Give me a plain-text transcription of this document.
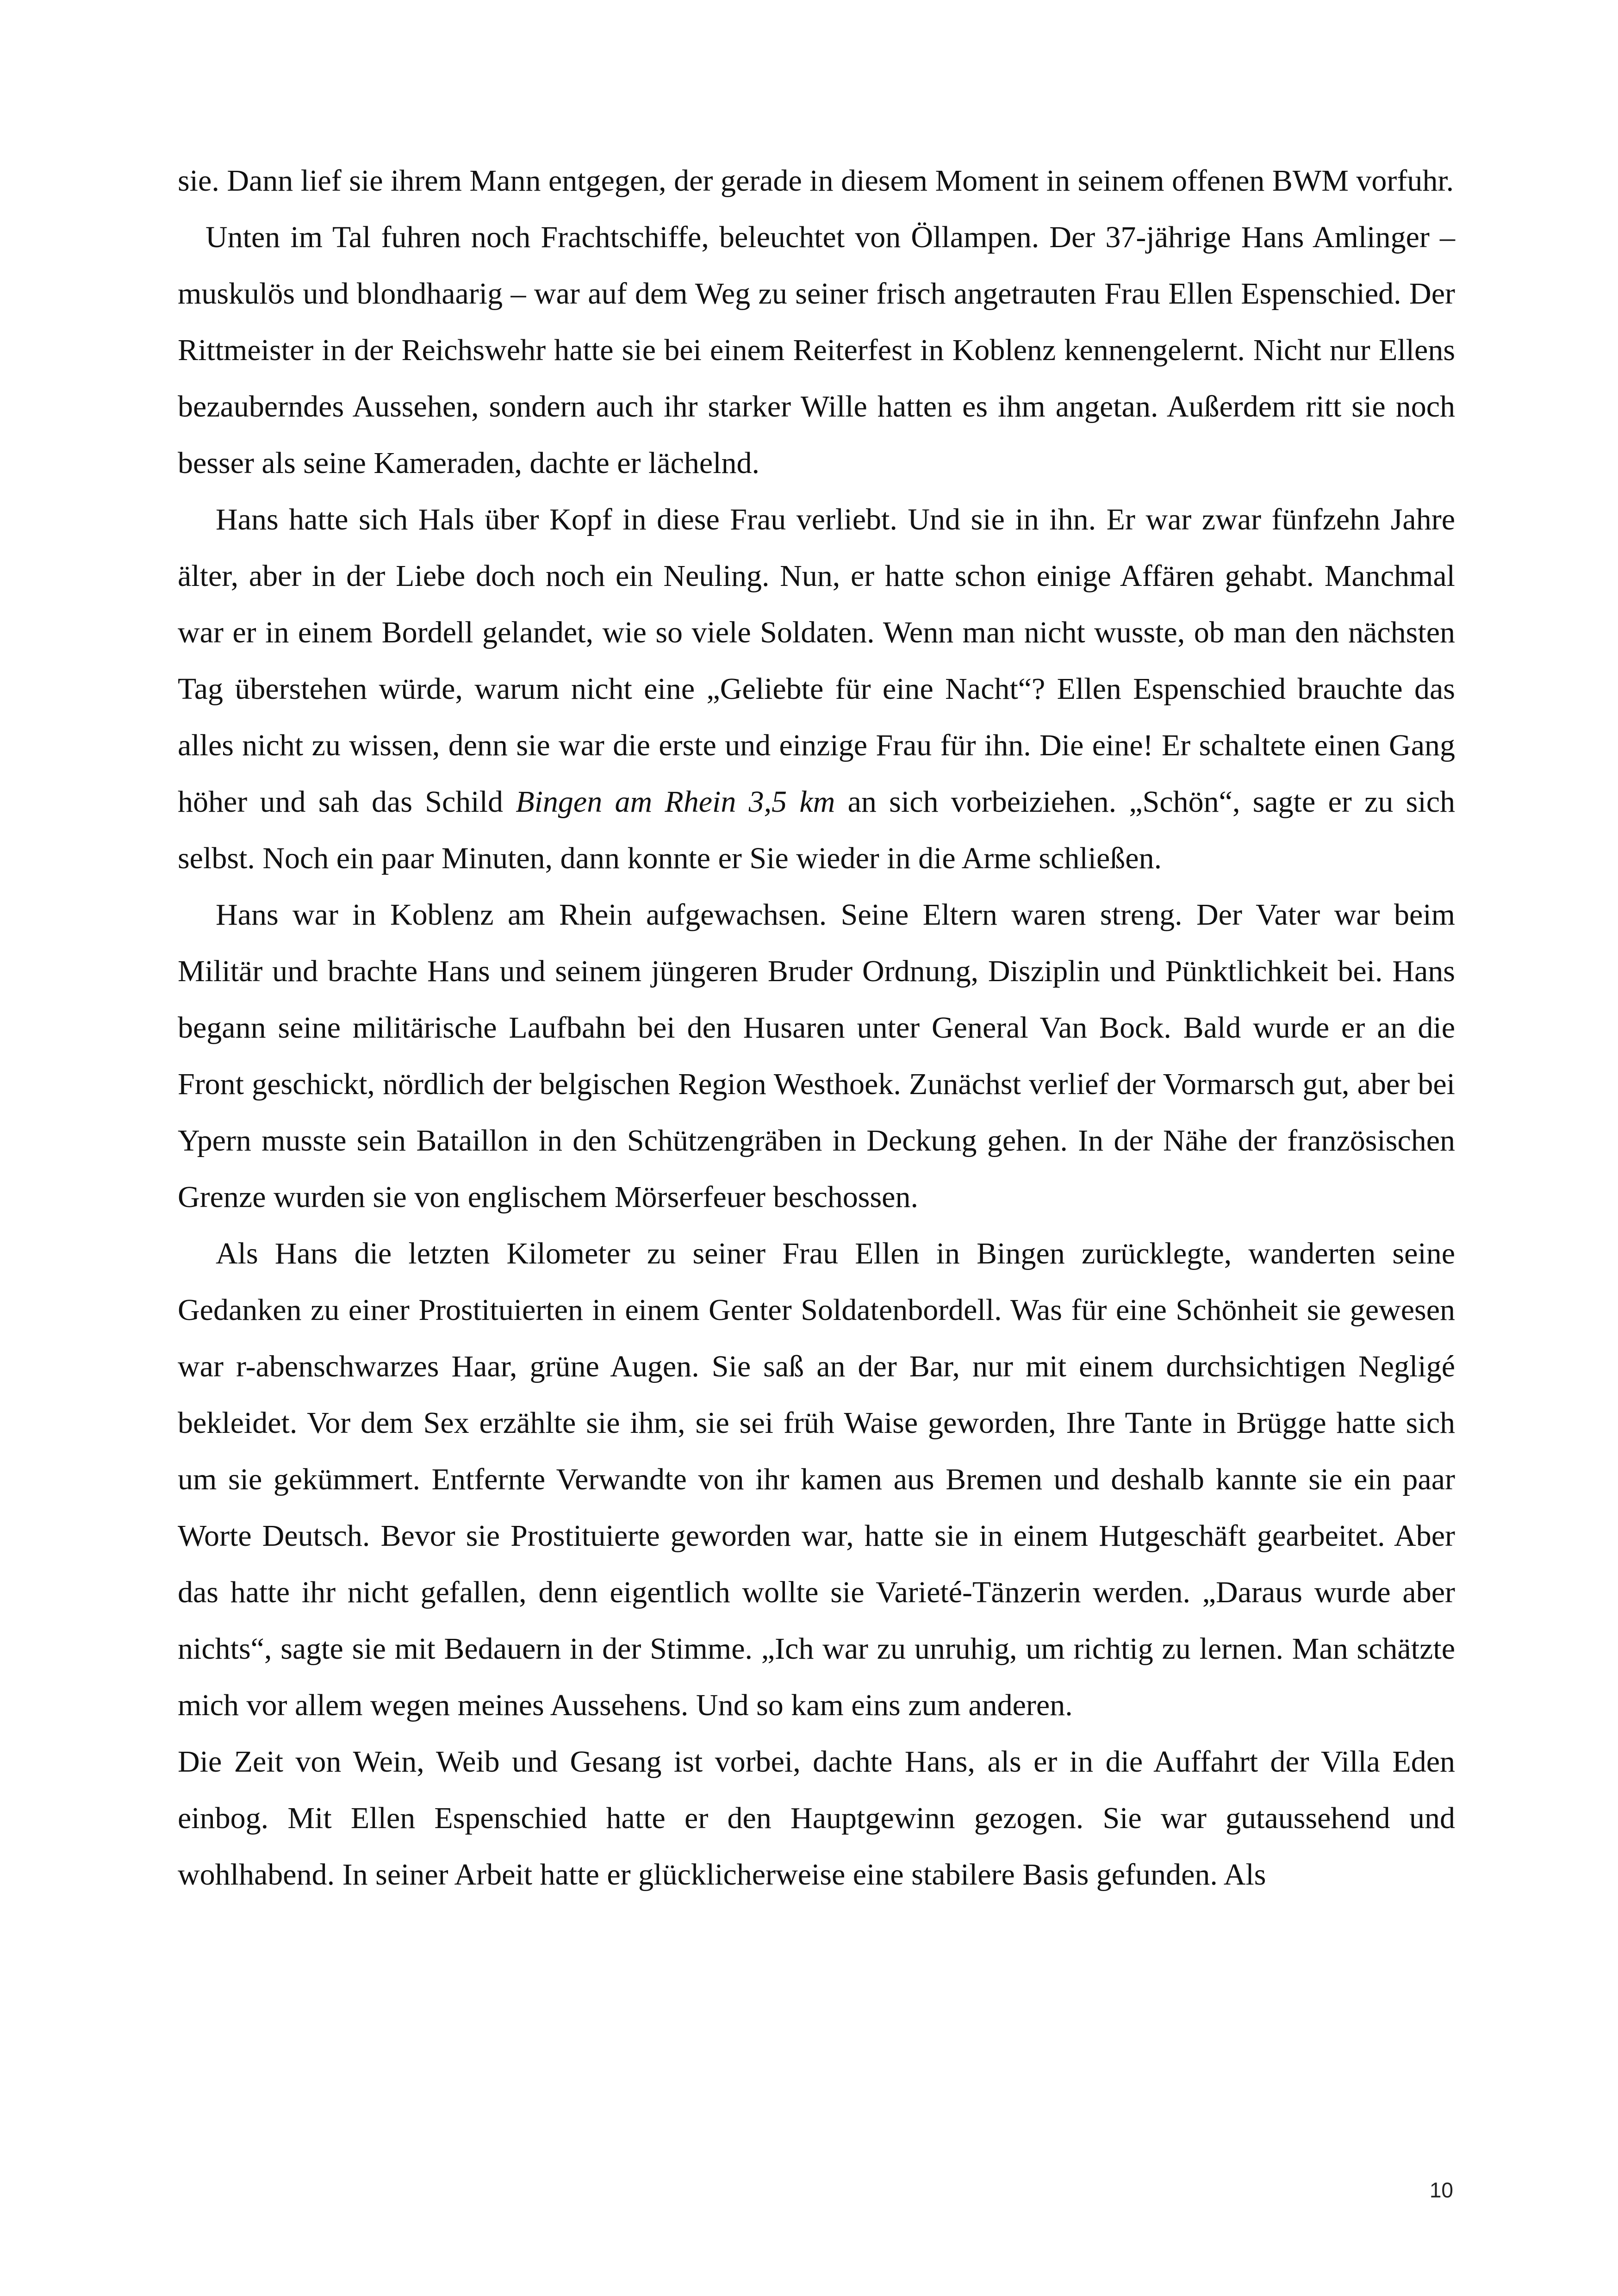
sie. Dann lief sie ihrem Mann entgegen, der gerade in diesem Moment in seinem offenen BWM vorfuhr.

Unten im Tal fuhren noch Frachtschiffe, beleuchtet von Öllampen. Der 37-jährige Hans Amlinger – muskulös und blondhaarig – war auf dem Weg zu seiner frisch angetrauten Frau Ellen Espenschied. Der Rittmeister in der Reichswehr hatte sie bei einem Reiterfest in Koblenz kennengelernt. Nicht nur Ellens bezauberndes Aussehen, sondern auch ihr starker Wille hatten es ihm angetan. Außerdem ritt sie noch besser als seine Kameraden, dachte er lächelnd.

Hans hatte sich Hals über Kopf in diese Frau verliebt. Und sie in ihn. Er war zwar fünfzehn Jahre älter, aber in der Liebe doch noch ein Neuling. Nun, er hatte schon einige Affären gehabt. Manchmal war er in einem Bordell gelandet, wie so viele Soldaten. Wenn man nicht wusste, ob man den nächsten Tag überstehen würde, warum nicht eine „Geliebte für eine Nacht“? Ellen Espenschied brauchte das alles nicht zu wissen, denn sie war die erste und einzige Frau für ihn. Die eine! Er schaltete einen Gang höher und sah das Schild Bingen am Rhein 3,5 km an sich vorbeiziehen. „Schön“, sagte er zu sich selbst. Noch ein paar Minuten, dann konnte er Sie wieder in die Arme schließen.

Hans war in Koblenz am Rhein aufgewachsen. Seine Eltern waren streng. Der Vater war beim Militär und brachte Hans und seinem jüngeren Bruder Ordnung, Disziplin und Pünktlichkeit bei. Hans begann seine militärische Laufbahn bei den Husaren unter General Van Bock. Bald wurde er an die Front geschickt, nördlich der belgischen Region Westhoek. Zunächst verlief der Vormarsch gut, aber bei Ypern musste sein Bataillon in den Schützengräben in Deckung gehen. In der Nähe der französischen Grenze wurden sie von englischem Mörserfeuer beschossen.

Als Hans die letzten Kilometer zu seiner Frau Ellen in Bingen zurücklegte, wanderten seine Gedanken zu einer Prostituierten in einem Genter Soldatenbordell. Was für eine Schönheit sie gewesen war r-abenschwarzes Haar, grüne Augen. Sie saß an der Bar, nur mit einem durchsichtigen Negligé bekleidet. Vor dem Sex erzählte sie ihm, sie sei früh Waise geworden, Ihre Tante in Brügge hatte sich um sie gekümmert. Entfernte Verwandte von ihr kamen aus Bremen und deshalb kannte sie ein paar Worte Deutsch. Bevor sie Prostituierte geworden war, hatte sie in einem Hutgeschäft gearbeitet. Aber das hatte ihr nicht gefallen, denn eigentlich wollte sie Varieté-Tänzerin werden. „Daraus wurde aber nichts“, sagte sie mit Bedauern in der Stimme. „Ich war zu unruhig, um richtig zu lernen. Man schätzte mich vor allem wegen meines Aussehens. Und so kam eins zum anderen.

Die Zeit von Wein, Weib und Gesang ist vorbei, dachte Hans, als er in die Auffahrt der Villa Eden einbog. Mit Ellen Espenschied hatte er den Hauptgewinn gezogen. Sie war gutaussehend und wohlhabend. In seiner Arbeit hatte er glücklicherweise eine stabilere Basis gefunden. Als

10
